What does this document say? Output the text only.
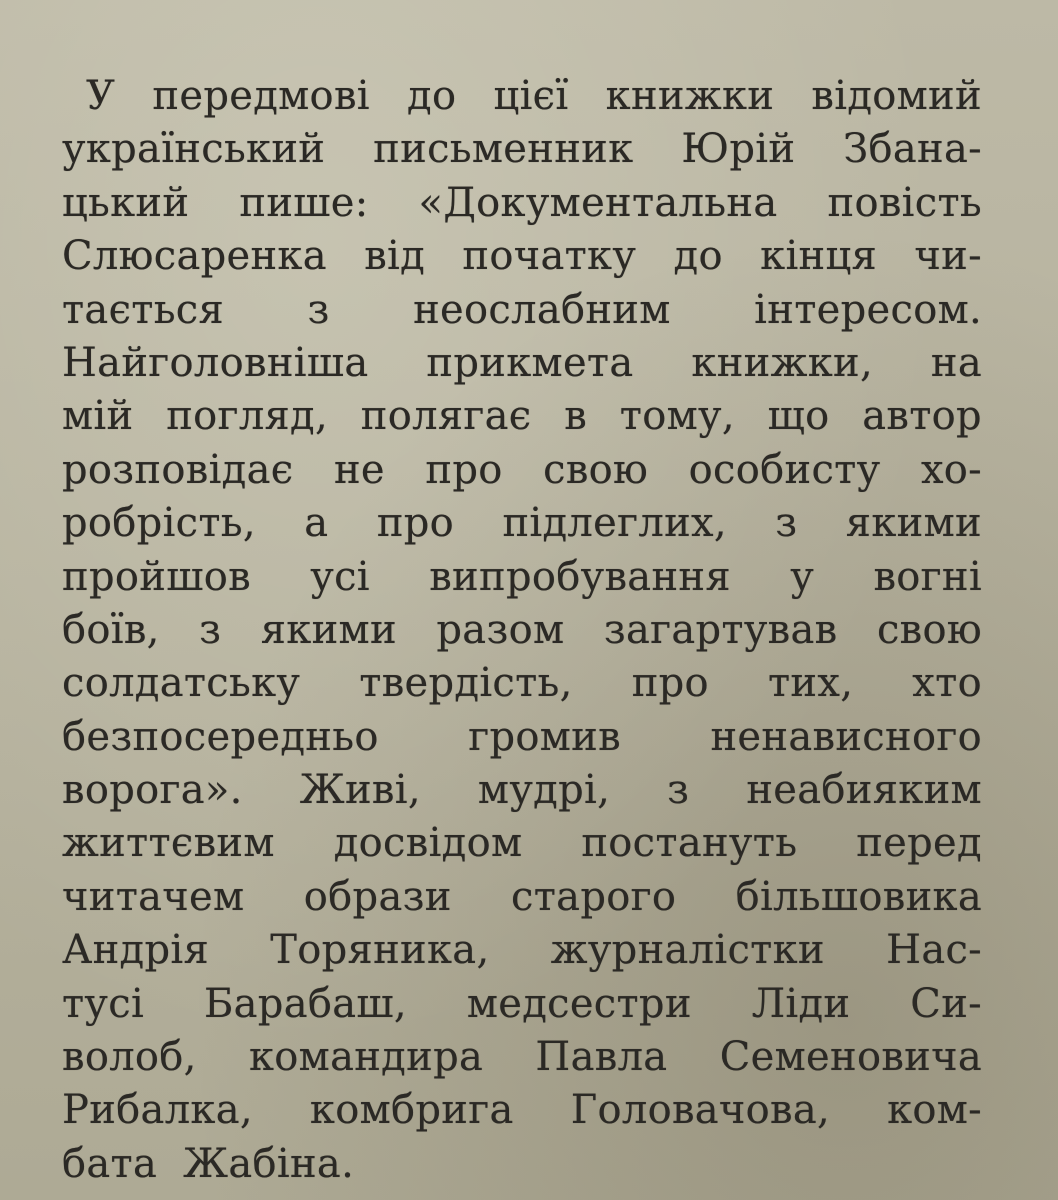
У передмові до цієї книжки відомий
український письменник Юрій Збана-
цький пише: «Документальна повість
Слюсаренка від початку до кінця чи-
тається з неослабним інтересом.
Найголовніша прикмета книжки, на
мій погляд, полягає в тому, що автор
розповідає не про свою особисту хо-
робрість, а про підлеглих, з якими
пройшов усі випробування у вогні
боїв, з якими разом загартував свою
солдатську твердість, про тих, хто
безпосередньо громив ненависного
ворога». Живі, мудрі, з неабияким
життєвим досвідом постануть перед
читачем образи старого більшовика
Андрія Торяника, журналістки Нас-
тусі Барабаш, медсестри Ліди Си-
волоб, командира Павла Семеновича
Рибалка, комбрига Головачова, ком-
бата Жабіна.
